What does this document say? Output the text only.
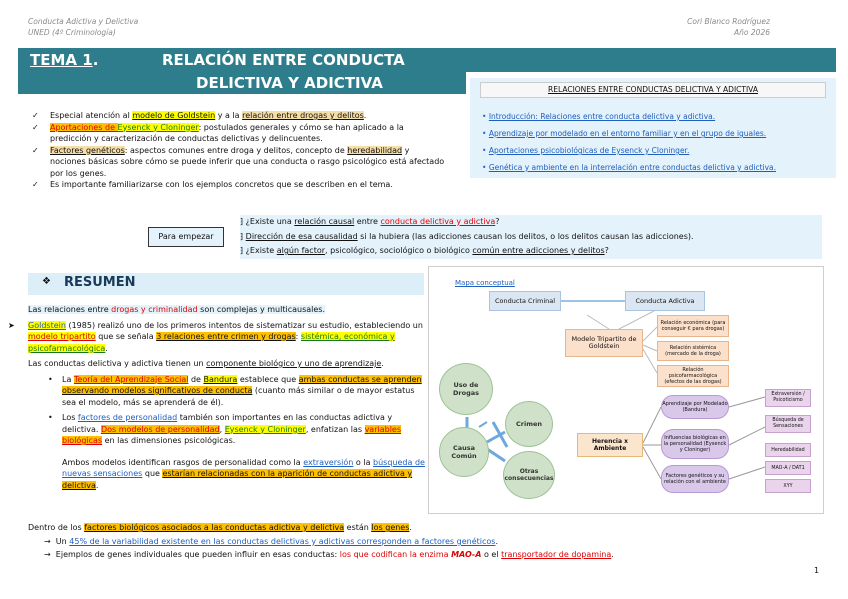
Conducta Adictiva y Delictiva
UNED (4º Criminología)
Cori Blanco Rodríguez
Año 2026
TEMA 1.	RELACIÓN ENTRE CONDUCTA
DELICTIVA Y ADICTIVA
✓ Especial atención al modelo de Goldstein y a la relación entre drogas y delitos.
✓ Aportaciones de Eysenck y Cloninger: postulados generales y cómo se han aplicado a la predicción y caracterización de conductas delictivas y delincuentes.
✓ Factores genéticos: aspectos comunes entre droga y delitos, concepto de heredabilidad y nociones básicas sobre cómo se puede inferir que una conducta o rasgo psicológico está afectado por los genes.
✓ Es importante familiarizarse con los ejemplos concretos que se describen en el tema.
RELACIONES ENTRE CONDUCTAS DELICTIVA Y ADICTIVA
• Introducción: Relaciones entre conducta delictiva y adictiva.
• Aprendizaje por modelado en el entorno familiar y en el grupo de iguales.
• Aportaciones psicobiológicas de Eysenck y Cloninger.
• Genética y ambiente en la interrelación entre conductas delictiva y adictiva.
Para empezar
⁆ ¿Existe una relación causal entre conducta delictiva y adictiva?
⁆ Dirección de esa causalidad si la hubiera (las adicciones causan los delitos, o los delitos causan las adicciones).
⁆ ¿Existe algún factor, psicológico, sociológico o biológico común entre adicciones y delitos?
❖ RESUMEN
Las relaciones entre drogas y criminalidad son complejas y multicausales.
➤ Goldstein (1985) realizó uno de los primeros intentos de sistematizar su estudio, estableciendo un modelo tripartito que se señala 3 relaciones entre crimen y drogas: sistémica, económica y psicofarmacológica.
Las conductas delictiva y adictiva tienen un componente biológico y uno de aprendizaje.
• La Teoría del Aprendizaje Social de Bandura establece que ambas conductas se aprenden observando modelos significativos de conducta (cuanto más similar o de mayor estatus sea el modelo, más se aprenderá de él).
• Los factores de personalidad también son importantes en las conductas adictiva y delictiva. Dos modelos de personalidad, Eysenck y Cloninger, enfatizan las variables biológicas en las dimensiones psicológicas.
Ambos modelos identifican rasgos de personalidad como la extraversión o la búsqueda de nuevas sensaciones que estarían relacionadas con la aparición de conductas adictiva y delictiva.
Dentro de los factores biológicos asociados a las conductas adictiva y delictiva están los genes.
→  Un 45% de la variabilidad existente en las conductas delictivas y adictivas corresponden a factores genéticos.
→  Ejemplos de genes individuales que pueden influir en esas conductas: los que codifican la enzima MAO-A o el transportador de dopamina.
Mapa conceptual
Conducta Criminal	Conducta Adictiva
Modelo Tripartito de Goldstein
Relación económica (para conseguir € para drogas)
Relación sistémica (mercado de la droga)
Relación psicofarmacológica (efectos de las drogas)
Uso de Drogas
Crimen
Causa Común
Otras consecuencias
Herencia x Ambiente
Aprendizaje por Modelado (Bandura)
Influencias biológicas en la personalidad (Eysenck y Cloninger)
Factores genéticos y su relación con el ambiente
Extraversión / Psicoticismo
Búsqueda de Sensaciones
Heredabilidad
MAO-A / DAT1
XYY
1
